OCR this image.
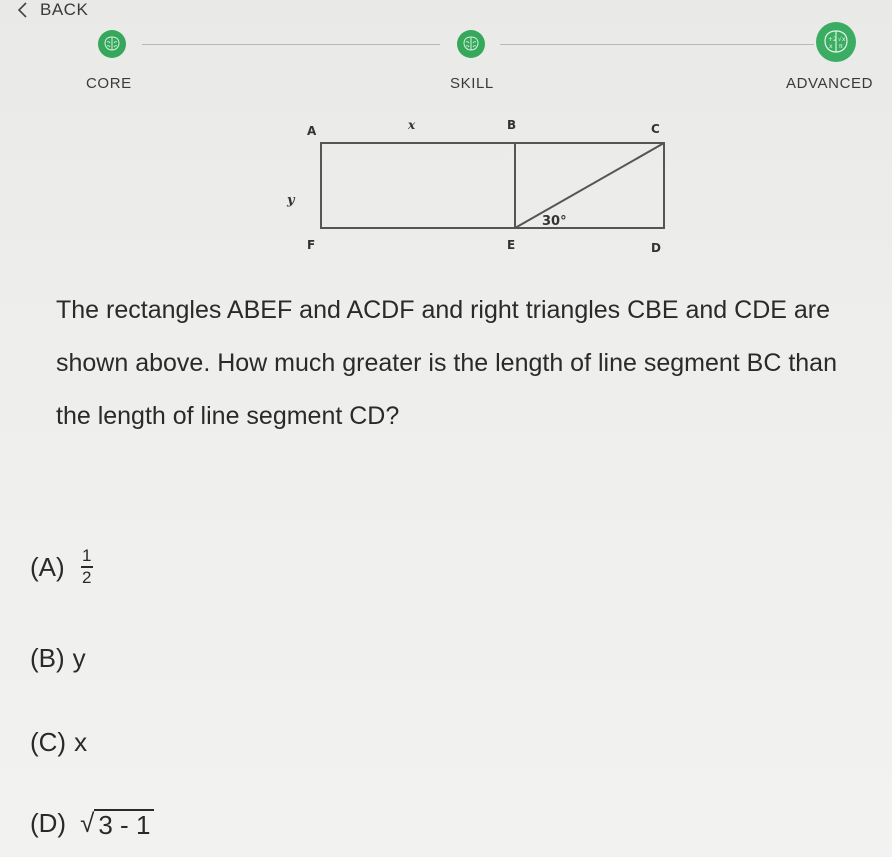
BACK
CORE	SKILL
+2 √x
x π
ADVANCED
A	x	B	C
y
30°
F	E	D
The rectangles ABEF and ACDF and right triangles CBE and CDE are shown above. How much greater is the length of line segment BC than the length of line segment CD?
$(A) \frac{1}{2}$
(B) y
(C) x
(D) √ 3 - 1
